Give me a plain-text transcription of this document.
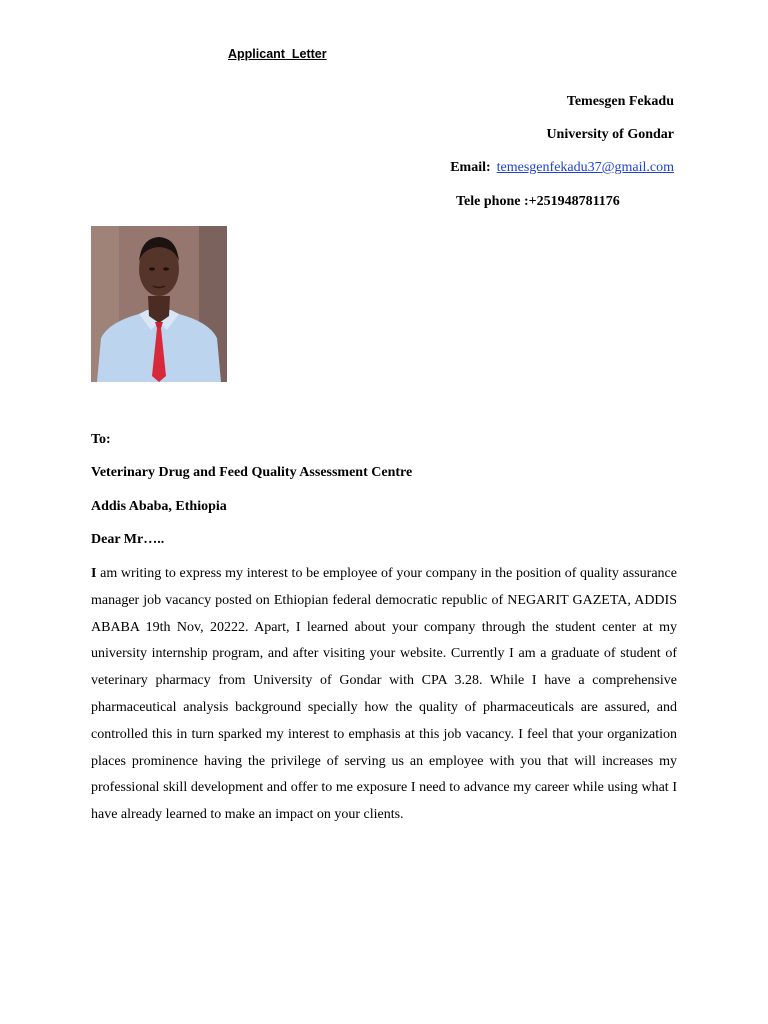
Applicant  Letter
Temesgen Fekadu
University of Gondar
Email: temesgenfekadu37@gmail.com
Tele phone :+251948781176
To:
Veterinary Drug and Feed Quality Assessment Centre
Addis Ababa, Ethiopia
Dear Mr…..

I am writing to express my interest to be employee of your company in the position of quality assurance manager job vacancy posted on Ethiopian federal democratic republic of NEGARIT GAZETA, ADDIS ABABA 19th Nov, 20222. Apart, I learned about your company through the student center at my university internship program, and after visiting your website. Currently I am a graduate of student of veterinary pharmacy from University of Gondar with CPA 3.28. While I have a comprehensive pharmaceutical analysis background specially how the quality of pharmaceuticals are assured, and controlled this in turn sparked my interest to emphasis at this job vacancy. I feel that your organization places prominence having the privilege of serving us an employee with you that will increases my professional skill development and offer to me exposure I need to advance my career while using what I have already learned to make an impact on your clients.
